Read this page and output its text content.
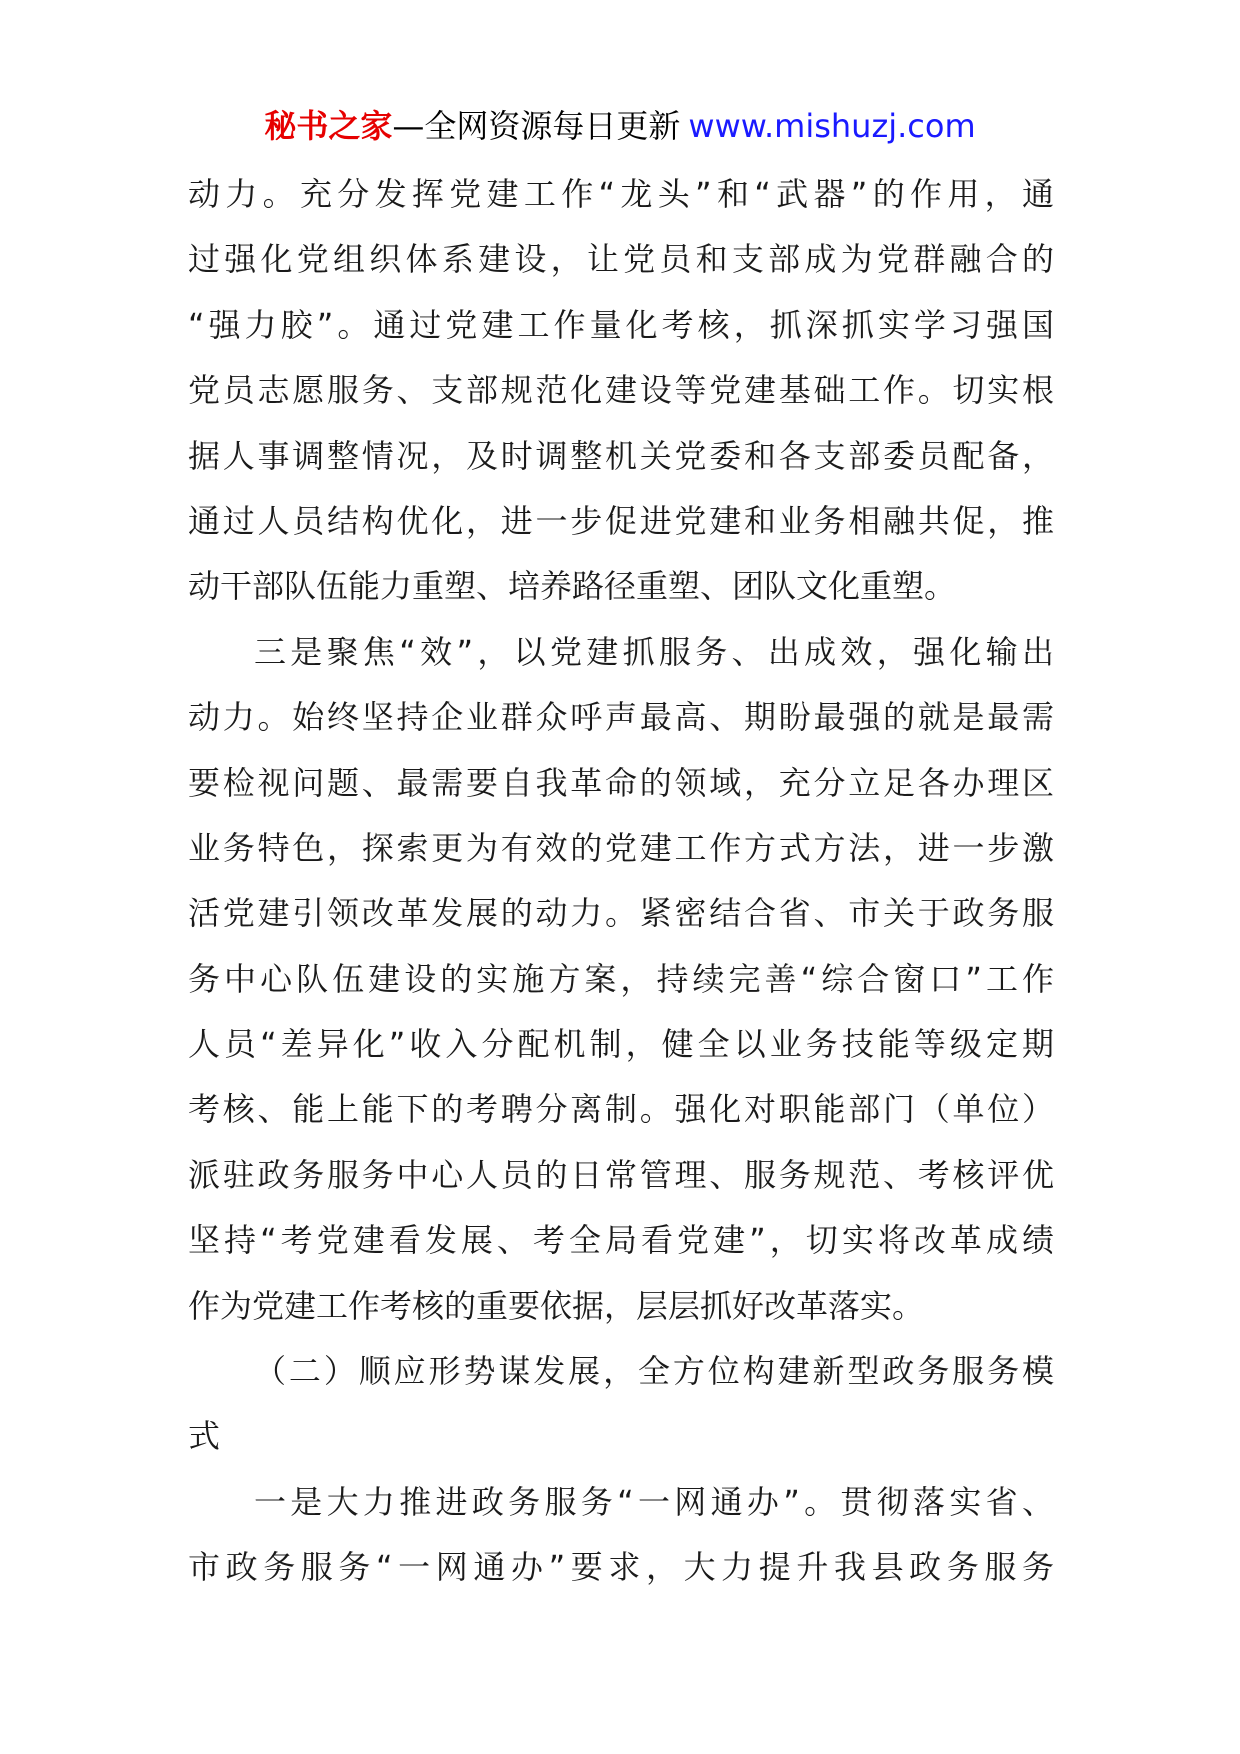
秘书之家—全网资源每日更新 www.mishuzj.com
动力。充分发挥党建工作“龙头”和“武器”的作用，通
过强化党组织体系建设，让党员和支部成为党群融合的
“强力胶”。通过党建工作量化考核，抓深抓实学习强国
党员志愿服务、支部规范化建设等党建基础工作。切实根
据人事调整情况，及时调整机关党委和各支部委员配备，
通过人员结构优化，进一步促进党建和业务相融共促，推
动干部队伍能力重塑、培养路径重塑、团队文化重塑。
三是聚焦“效”，以党建抓服务、出成效，强化输出
动力。始终坚持企业群众呼声最高、期盼最强的就是最需
要检视问题、最需要自我革命的领域，充分立足各办理区
业务特色，探索更为有效的党建工作方式方法，进一步激
活党建引领改革发展的动力。紧密结合省、市关于政务服
务中心队伍建设的实施方案，持续完善“综合窗口”工作
人员“差异化”收入分配机制，健全以业务技能等级定期
考核、能上能下的考聘分离制。强化对职能部门（单位）
派驻政务服务中心人员的日常管理、服务规范、考核评优
坚持“考党建看发展、考全局看党建”，切实将改革成绩
作为党建工作考核的重要依据，层层抓好改革落实。
（二）顺应形势谋发展，全方位构建新型政务服务模
式
一是大力推进政务服务“一网通办”。贯彻落实省、
市政务服务“一网通办”要求，大力提升我县政务服务
